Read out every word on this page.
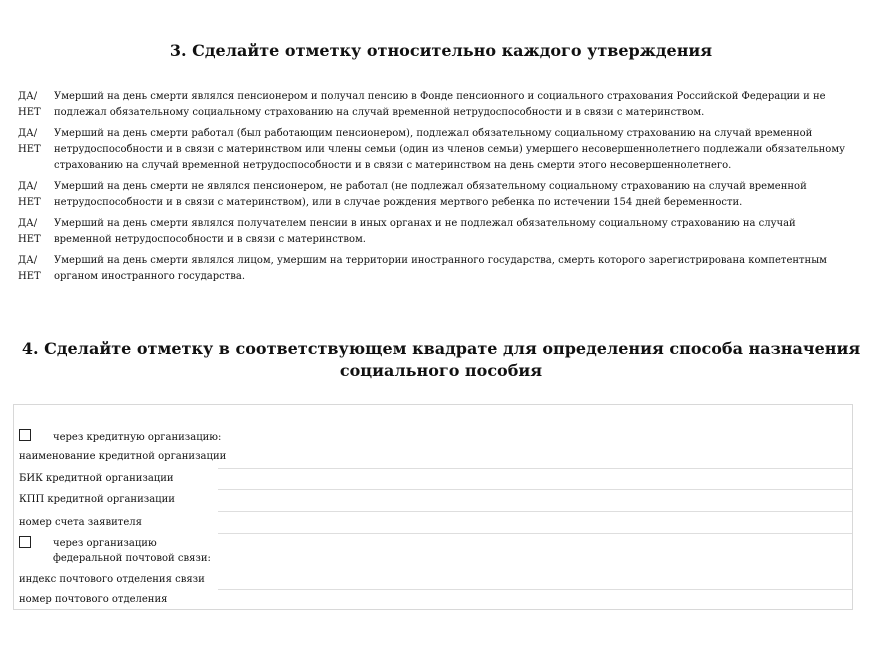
3. Сделайте отметку относительно каждого утверждения
ДА/
НЕТ
Умерший на день смерти являлся пенсионером и получал пенсию в Фонде пенсионного и социального страхования Российской Федерации и не подлежал обязательному социальному страхованию на случай временной нетрудоспособности и в связи с материнством.
ДА/
НЕТ
Умерший на день смерти работал (был работающим пенсионером), подлежал обязательному социальному страхованию на случай временной нетрудоспособности и в связи с материнством или члены семьи (один из членов семьи) умершего несовершеннолетнего подлежали обязательному страхованию на случай временной нетрудоспособности и в связи с материнством на день смерти этого несовершеннолетнего.
ДА/
НЕТ
Умерший на день смерти не являлся пенсионером, не работал (не подлежал обязательному социальному страхованию на случай временной нетрудоспособности и в связи с материнством), или в случае рождения мертвого ребенка по истечении 154 дней беременности.
ДА/
НЕТ
Умерший на день смерти являлся получателем пенсии в иных органах и не подлежал обязательному социальному страхованию на случай временной нетрудоспособности и в связи с материнством.
ДА/
НЕТ
Умерший на день смерти являлся лицом, умершим на территории иностранного государства, смерть которого зарегистрирована компетентным органом иностранного государства.
4. Сделайте отметку в соответствующем квадрате для определения способа назначения социального пособия
через кредитную организацию:
наименование кредитной организации
БИК кредитной организации
КПП кредитной организации
номер счета заявителя
через организацию федеральной почтовой связи:
индекс почтового отделения связи
номер почтового отделения
